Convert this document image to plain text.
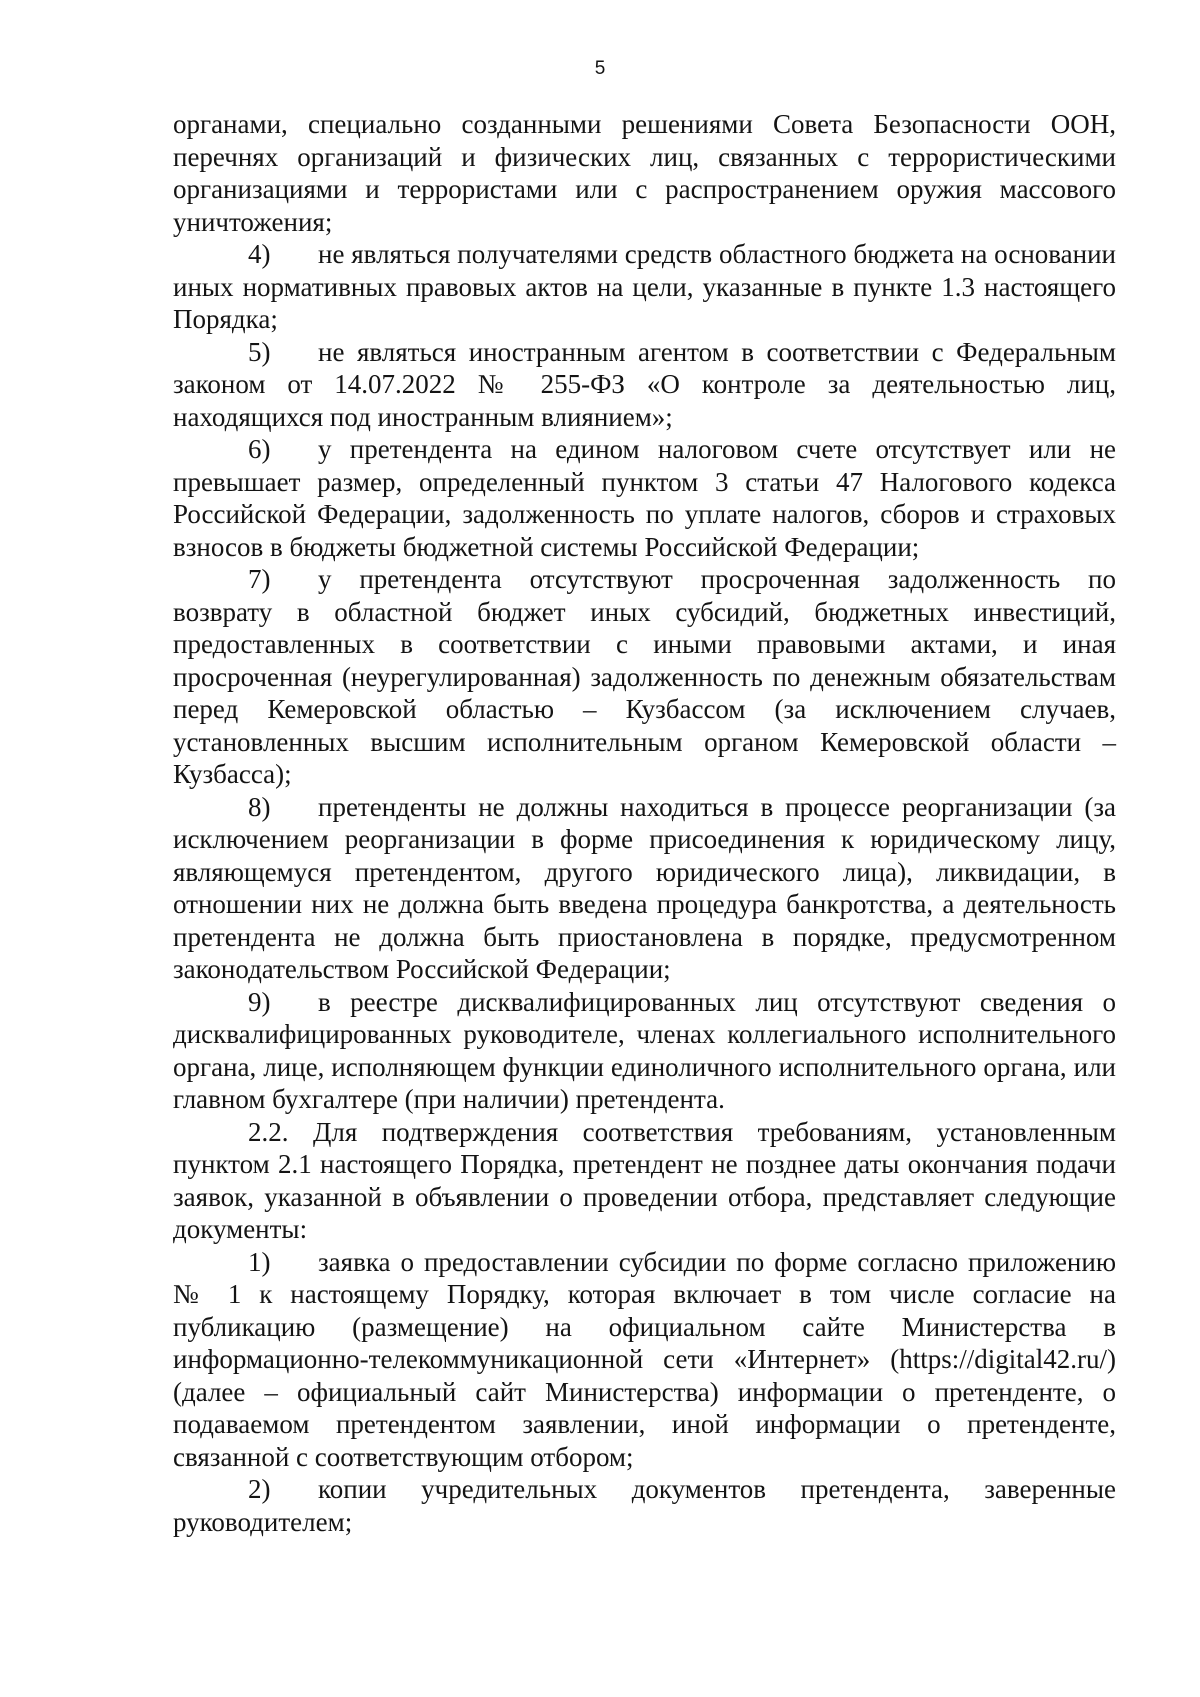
5

органами, специально созданными решениями Совета Безопасности ООН, перечнях организаций и физических лиц, связанных с террористическими организациями и террористами или с распространением оружия массового уничтожения;

4) не являться получателями средств областного бюджета на основании иных нормативных правовых актов на цели, указанные в пункте 1.3 настоящего Порядка;

5) не являться иностранным агентом в соответствии с Федеральным законом от 14.07.2022 № 255-ФЗ «О контроле за деятельностью лиц, находящихся под иностранным влиянием»;

6) у претендента на едином налоговом счете отсутствует или не превышает размер, определенный пунктом 3 статьи 47 Налогового кодекса Российской Федерации, задолженность по уплате налогов, сборов и страховых взносов в бюджеты бюджетной системы Российской Федерации;

7) у претендента отсутствуют просроченная задолженность по возврату в областной бюджет иных субсидий, бюджетных инвестиций, предоставленных в соответствии с иными правовыми актами, и иная просроченная (неурегулированная) задолженность по денежным обязательствам перед Кемеровской областью – Кузбассом (за исключением случаев, установленных высшим исполнительным органом Кемеровской области – Кузбасса);

8) претенденты не должны находиться в процессе реорганизации (за исключением реорганизации в форме присоединения к юридическому лицу, являющемуся претендентом, другого юридического лица), ликвидации, в отношении них не должна быть введена процедура банкротства, а деятельность претендента не должна быть приостановлена в порядке, предусмотренном законодательством Российской Федерации;

9) в реестре дисквалифицированных лиц отсутствуют сведения о дисквалифицированных руководителе, членах коллегиального исполнительного органа, лице, исполняющем функции единоличного исполнительного органа, или главном бухгалтере (при наличии) претендента.

2.2. Для подтверждения соответствия требованиям, установленным пунктом 2.1 настоящего Порядка, претендент не позднее даты окончания подачи заявок, указанной в объявлении о проведении отбора, представляет следующие документы:

1) заявка о предоставлении субсидии по форме согласно приложению № 1 к настоящему Порядку, которая включает в том числе согласие на публикацию (размещение) на официальном сайте Министерства в информационно-телекоммуникационной сети «Интернет» (https://digital42.ru/) (далее – официальный сайт Министерства) информации о претенденте, о подаваемом претендентом заявлении, иной информации о претенденте, связанной с соответствующим отбором;

2) копии учредительных документов претендента, заверенные руководителем;
